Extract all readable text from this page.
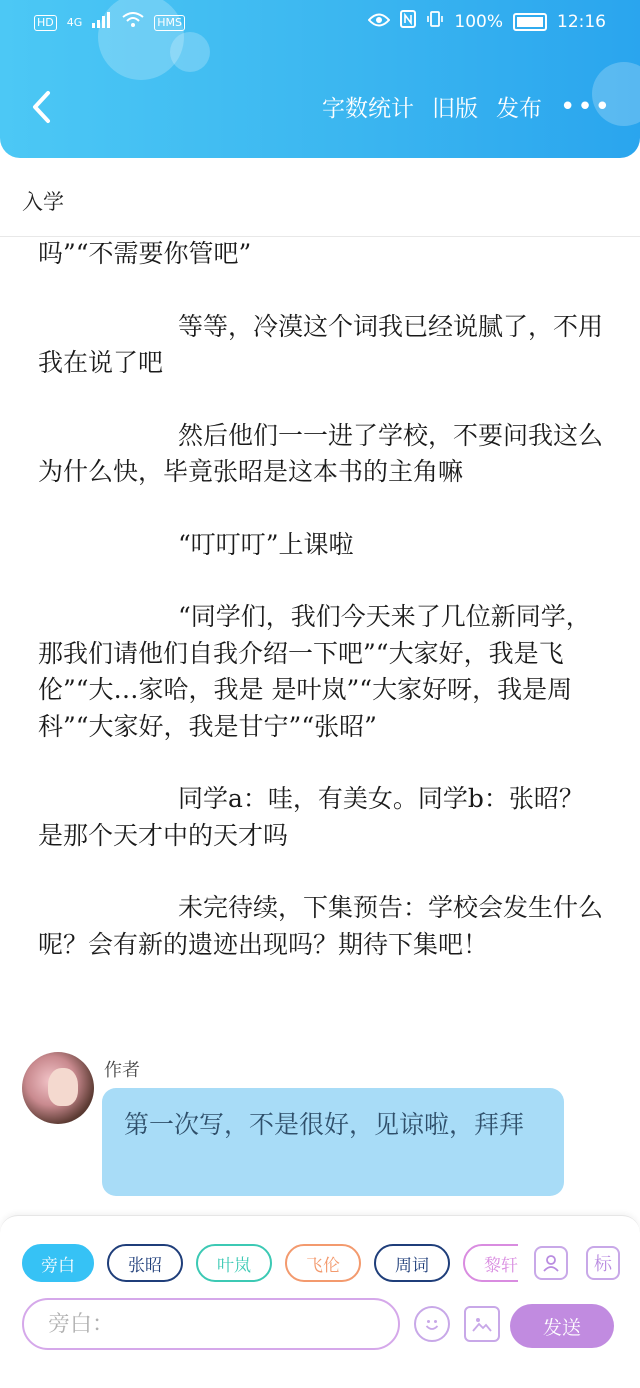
HD 4G	HMS	100%	12:16
字数统计 旧版 发布 •••
入学

吗”“不需要你管吧”

等等，冷漠这个词我已经说腻了，不用我在说了吧

然后他们一一进了学校，不要问我这么为什么快，毕竟张昭是这本书的主角嘛

“叮叮叮”上课啦

“同学们，我们今天来了几位新同学，那我们请他们自我介绍一下吧”“大家好，我是飞伦”“大…家哈，我是 是叶岚”“大家好呀，我是周科”“大家好，我是甘宁”“张昭”

同学a：哇，有美女。同学b：张昭？是那个天才中的天才吗

未完待续，下集预告：学校会发生什么呢？会有新的遗迹出现吗？期待下集吧！

作者
第一次写，不是很好，见谅啦，拜拜
旁白	张昭	叶岚	飞伦	周词	黎轩	标
旁白：
发送
